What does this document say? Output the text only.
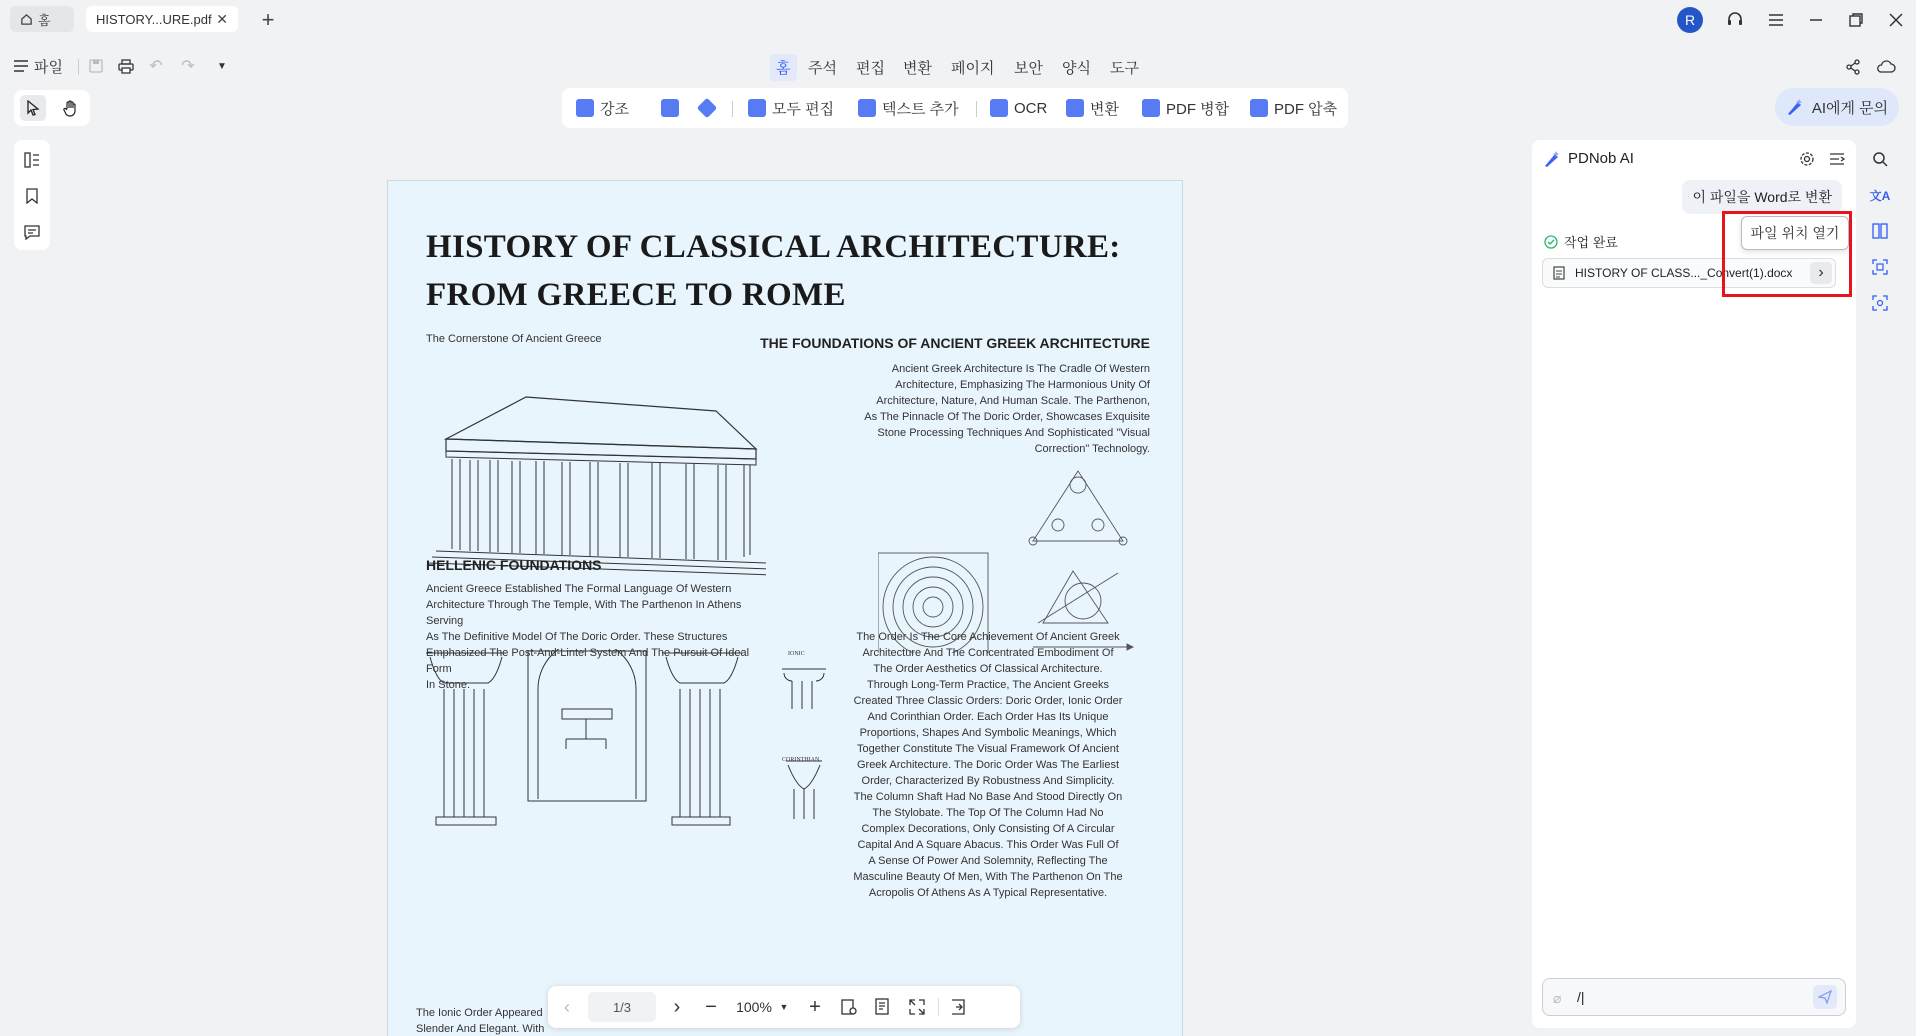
홈	HISTORY...URE.pdf ✕ +	R
파일	↶ ↷	▼	홈	주석	편집	변환	페이지	보안	양식	도구
강조	모두 편집	텍스트 추가	OCR	변환	PDF 병합	PDF 압축	AI에게 문의
HISTORY OF CLASSICAL ARCHITECTURE:
FROM GREECE TO ROME
The Cornerstone Of Ancient Greece	THE FOUNDATIONS OF ANCIENT GREEK ARCHITECTURE
Ancient Greek Architecture Is The Cradle Of Western
Architecture, Emphasizing The Harmonious Unity Of
Architecture, Nature, And Human Scale. The Parthenon,
As The Pinnacle Of The Doric Order, Showcases Exquisite
Stone Processing Techniques And Sophisticated "Visual
Correction" Technology.
HELLENIC FOUNDATIONS
Ancient Greece Established The Formal Language Of Western
Architecture Through The Temple, With The Parthenon In Athens Serving
As The Definitive Model Of The Doric Order. These Structures
Emphasized The Post-And-Lintel System And The Pursuit Of Ideal Form
In Stone.
IONIC
CORINTHIAN
The Order Is The Core Achievement Of Ancient Greek
Architecture And The Concentrated Embodiment Of
The Order Aesthetics Of Classical Architecture.
Through Long-Term Practice, The Ancient Greeks
Created Three Classic Orders: Doric Order, Ionic Order
And Corinthian Order. Each Order Has Its Unique
Proportions, Shapes And Symbolic Meanings, Which
Together Constitute The Visual Framework Of Ancient
Greek Architecture. The Doric Order Was The Earliest
Order, Characterized By Robustness And Simplicity.
The Column Shaft Had No Base And Stood Directly On
The Stylobate. The Top Of The Column Had No
Complex Decorations, Only Consisting Of A Circular
Capital And A Square Abacus. This Order Was Full Of
A Sense Of Power And Solemnity, Reflecting The
Masculine Beauty Of Men, With The Parthenon On The
Acropolis Of Athens As A Typical Representative.
The Ionic Order Appeared
Slender And Elegant. With
‹	1/3	›	−	100% ▼ +
PDNob AI
이 파일을 Word로 변환
작업 완료
HISTORY OF CLASS..._Convert(1).docx	›
파일 위치 열기
⌀ /|
文A
